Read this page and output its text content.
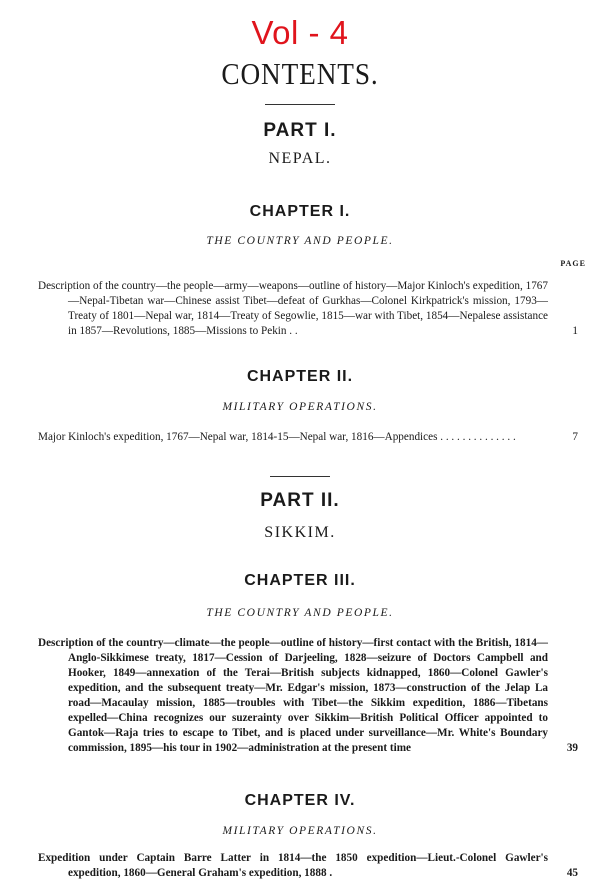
Vol - 4
CONTENTS.
PART I.
NEPAL.
CHAPTER I.
THE COUNTRY AND PEOPLE.
PAGE
Description of the country—the people—army—weapons—outline of history—Major Kinloch's expedition, 1767—Nepal-Tibetan war—Chinese assist Tibet—defeat of Gurkhas—Colonel Kirkpatrick's mission, 1793—Treaty of 1801—Nepal war, 1814—Treaty of Segowlie, 1815—war with Tibet, 1854—Nepalese assistance in 1857—Revolutions, 1885—Missions to Pekin . .	1
CHAPTER II.
MILITARY OPERATIONS.
Major Kinloch's expedition, 1767—Nepal war, 1814-15—Nepal war, 1816—Appendices . . . . . . . . . . . . . .	7
PART II.
SIKKIM.
CHAPTER III.
THE COUNTRY AND PEOPLE.
Description of the country—climate—the people—outline of history—first contact with the British, 1814—Anglo-Sikkimese treaty, 1817—Cession of Darjeeling, 1828—seizure of Doctors Campbell and Hooker, 1849—annexation of the Terai—British subjects kidnapped, 1860—Colonel Gawler's expedition, and the subsequent treaty—Mr. Edgar's mission, 1873—construction of the Jelap La road—Macaulay mission, 1885—troubles with Tibet—the Sikkim expedition, 1886—Tibetans expelled—China recognizes our suzerainty over Sikkim—British Political Officer appointed to Gantok—Raja tries to escape to Tibet, and is placed under surveillance—Mr. White's Boundary commission, 1895—his tour in 1902—administration at the present time	39
CHAPTER IV.
MILITARY OPERATIONS.
Expedition under Captain Barre Latter in 1814—the 1850 expedition—Lieut.-Colonel Gawler's expedition, 1860—General Graham's expedition, 1888 .	45
